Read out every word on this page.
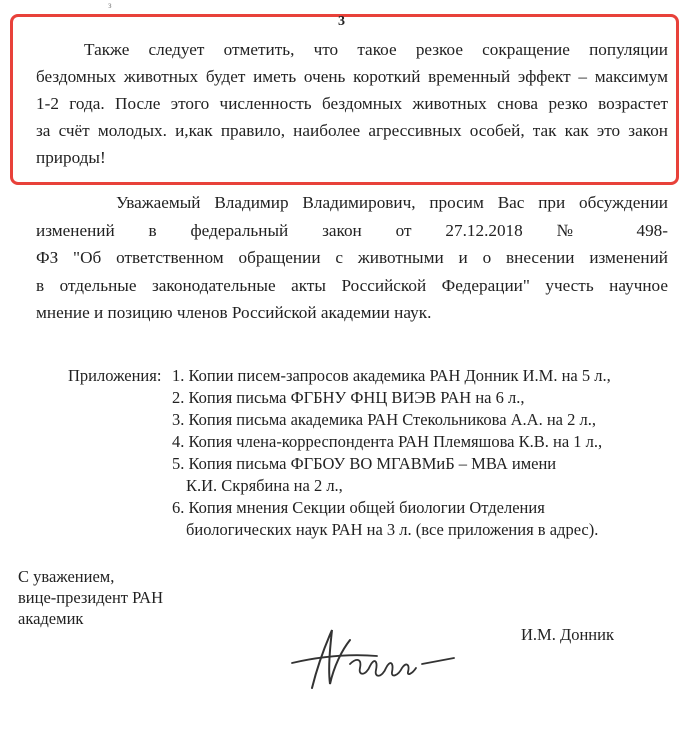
з
3
Также следует отметить, что такое резкое сокращение популяции
бездомных животных будет иметь очень короткий временный эффект – максимум
1-2 года. После этого численность бездомных животных снова резко возрастет
за счёт молодых. и,как правило, наиболее агрессивных особей, так как это закон
природы!
Уважаемый Владимир Владимирович, просим Вас при обсуждении
изменений в федеральный закон от 27.12.2018 № 498-
ФЗ "Об ответственном обращении с животными и о внесении изменений
в отдельные законодательные акты Российской Федерации" учесть научное
мнение и позицию членов Российской академии наук.
Приложения: 1. Копии писем-запросов академика РАН Донник И.М. на 5 л.,
2. Копия письма ФГБНУ ФНЦ ВИЭВ РАН на 6 л.,
3. Копия письма академика РАН Стекольникова А.А. на 2 л.,
4. Копия члена-корреспондента РАН Племяшова К.В. на 1 л.,
5. Копия письма ФГБОУ ВО МГАВМиБ – МВА имени
К.И. Скрябина на 2 л.,
6. Копия мнения Секции общей биологии Отделения
биологических наук РАН на 3 л. (все приложения в адрес).
С уважением,
вице-президент РАН
академик
И.М. Донник
